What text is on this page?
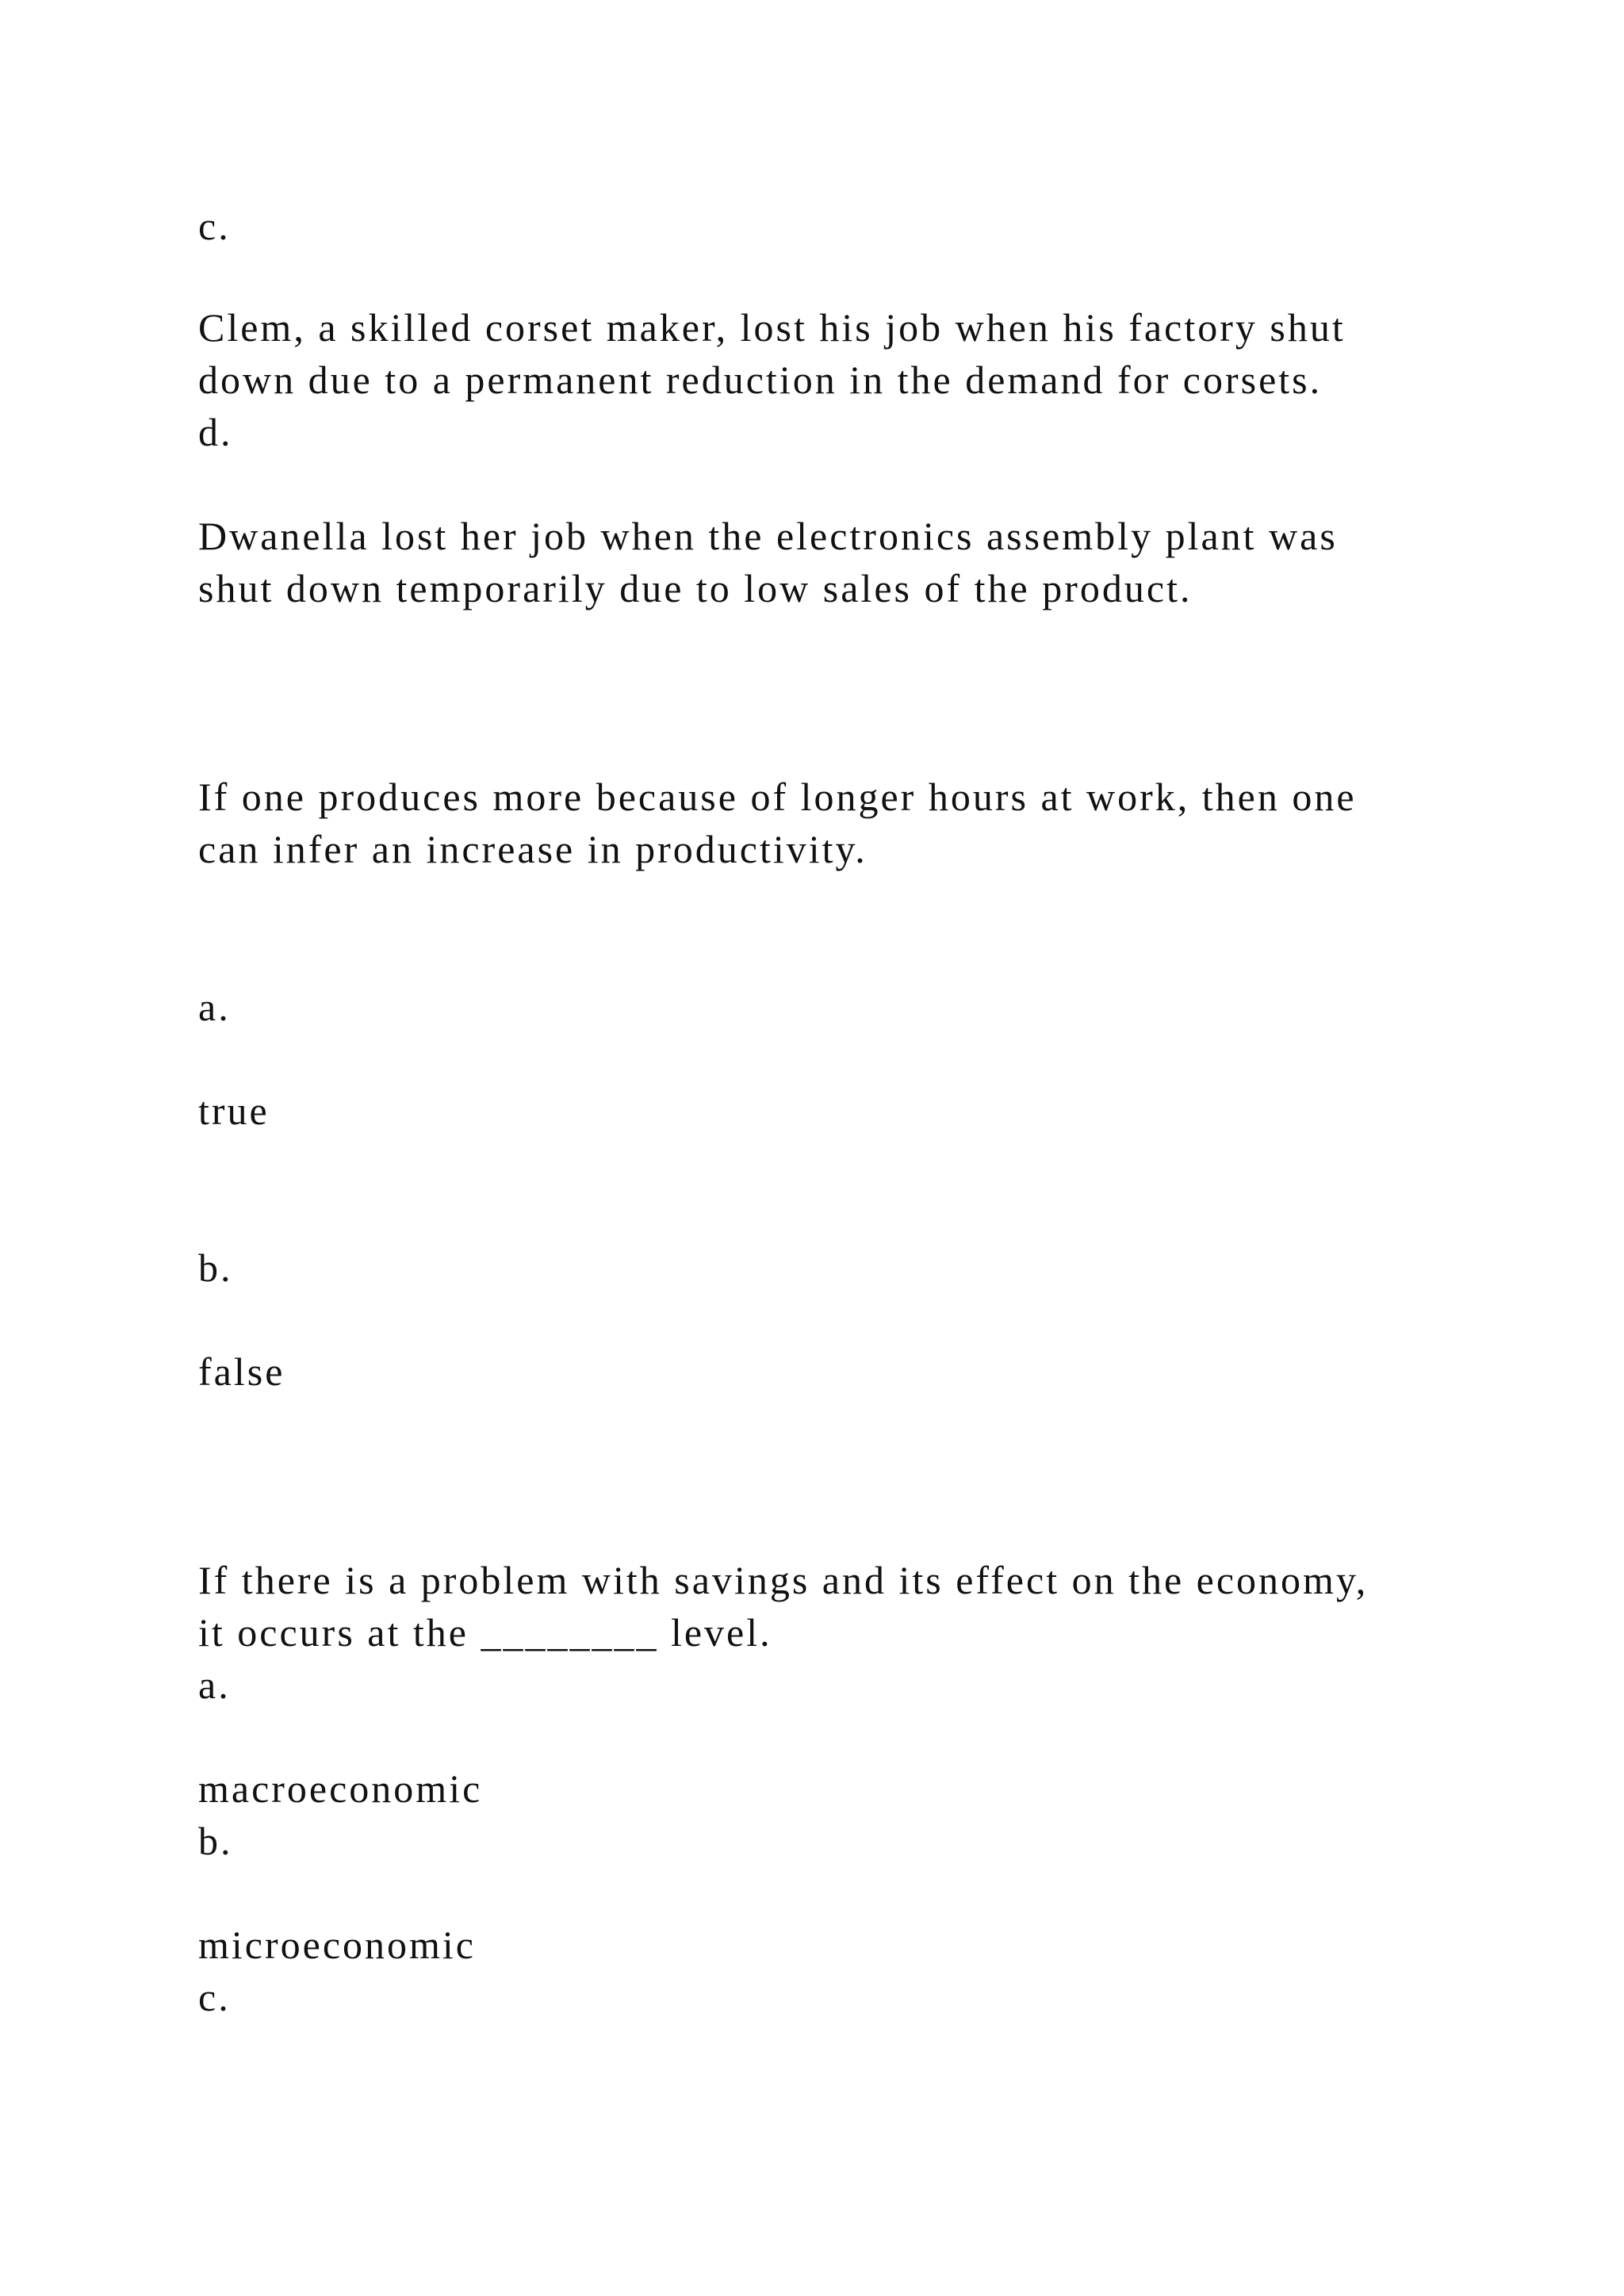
c.
Clem, a skilled corset maker, lost his job when his factory shut
down due to a permanent reduction in the demand for corsets.
d.
Dwanella lost her job when the electronics assembly plant was
shut down temporarily due to low sales of the product.
If one produces more because of longer hours at work, then one
can infer an increase in productivity.
a.
true
b.
false
If there is a problem with savings and its effect on the economy,
it occurs at the ________ level.
a.
macroeconomic
b.
microeconomic
c.
